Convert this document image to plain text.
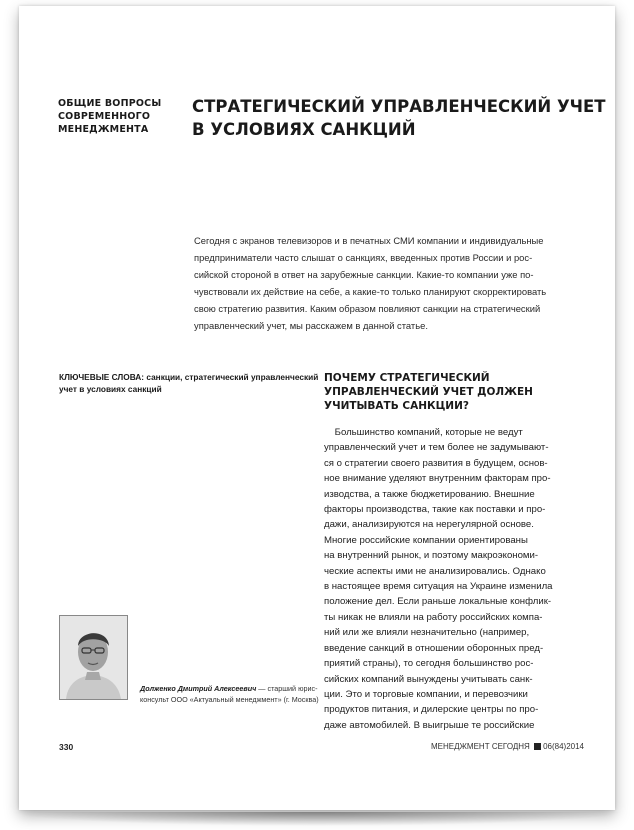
ОБЩИЕ ВОПРОСЫ
СОВРЕМЕННОГО
МЕНЕДЖМЕНТА
СТРАТЕГИЧЕСКИЙ УПРАВЛЕНЧЕСКИЙ УЧЕТ
В УСЛОВИЯХ САНКЦИЙ
Сегодня с экранов телевизоров и в печатных СМИ компании и индивидуальные
предприниматели часто слышат о санкциях, введенных против России и рос-
сийской стороной в ответ на зарубежные санкции. Какие-то компании уже по-
чувствовали их действие на себе, а какие-то только планируют скорректировать
свою стратегию развития. Каким образом повлияют санкции на стратегический
управленческий учет, мы расскажем в данной статье.
КЛЮЧЕВЫЕ СЛОВА: санкции, стратегический управленческий
учет в условиях санкций
Долженко Дмитрий Алексеевич — старший юрис-
консульт ООО «Актуальный менеджмент» (г. Москва)
ПОЧЕМУ СТРАТЕГИЧЕСКИЙ
УПРАВЛЕНЧЕСКИЙ УЧЕТ ДОЛЖЕН
УЧИТЫВАТЬ САНКЦИИ?
Большинство компаний, которые не ведут
управленческий учет и тем более не задумывают-
ся о стратегии своего развития в будущем, основ-
ное внимание уделяют внутренним факторам про-
изводства, а также бюджетированию. Внешние
факторы производства, такие как поставки и про-
дажи, анализируются на нерегулярной основе.
Многие российские компании ориентированы
на внутренний рынок, и поэтому макроэкономи-
ческие аспекты ими не анализировались. Однако
в настоящее время ситуация на Украине изменила
положение дел. Если раньше локальные конфлик-
ты никак не влияли на работу российских компа-
ний или же влияли незначительно (например,
введение санкций в отношении оборонных пред-
приятий страны), то сегодня большинство рос-
сийских компаний вынуждены учитывать санк-
ции. Это и торговые компании, и перевозчики
продуктов питания, и дилерские центры по про-
даже автомобилей. В выигрыше те российские
330	МЕНЕДЖМЕНТ СЕГОДНЯ 06(84)2014
